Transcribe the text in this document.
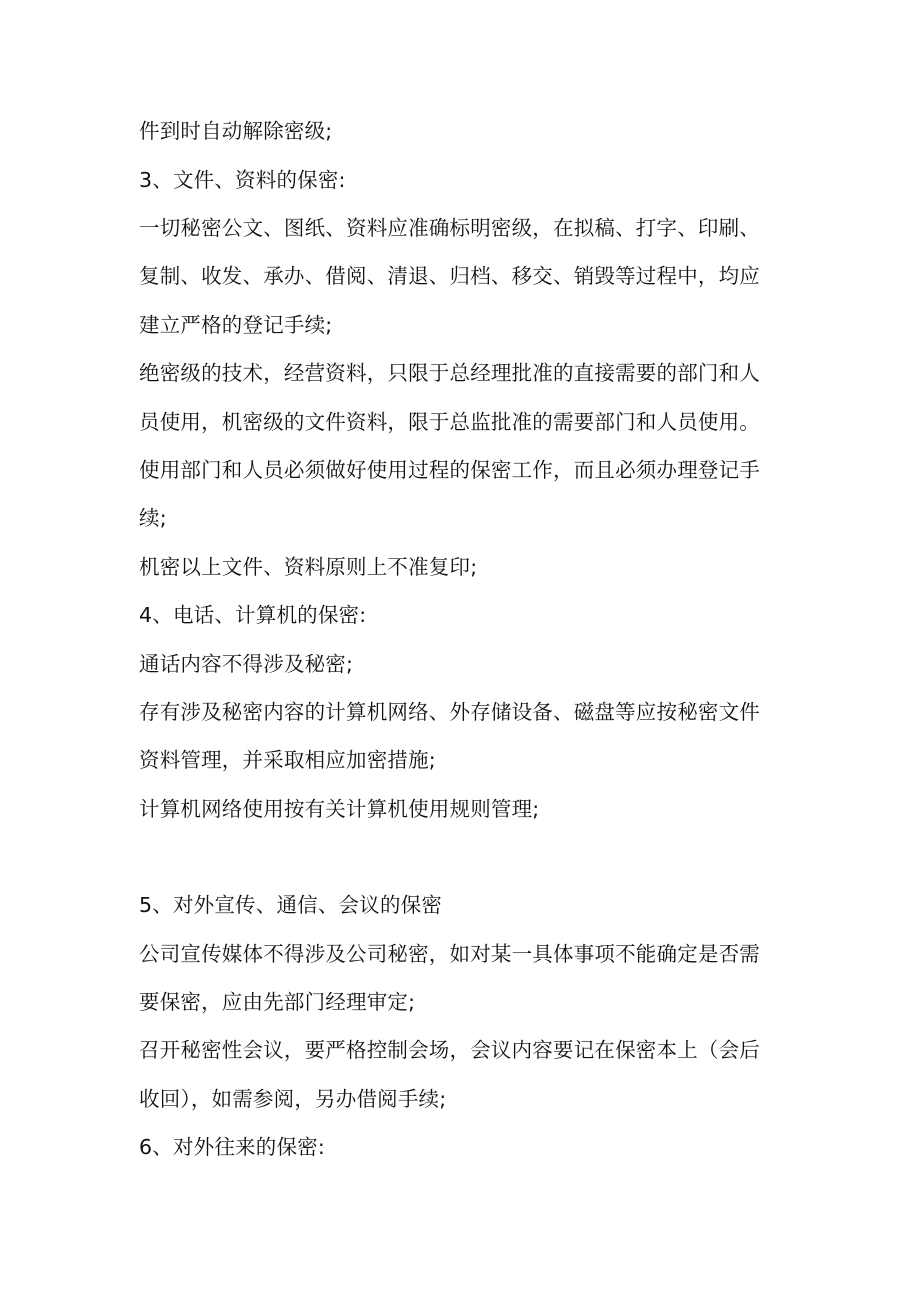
件到时自动解除密级;
3、文件、资料的保密:
一切秘密公文、图纸、资料应准确标明密级，在拟稿、打字、印刷、
复制、收发、承办、借阅、清退、归档、移交、销毁等过程中，均应
建立严格的登记手续;
绝密级的技术，经营资料，只限于总经理批准的直接需要的部门和人
员使用，机密级的文件资料，限于总监批准的需要部门和人员使用。
使用部门和人员必须做好使用过程的保密工作，而且必须办理登记手
续;
机密以上文件、资料原则上不准复印;
4、电话、计算机的保密:
通话内容不得涉及秘密;
存有涉及秘密内容的计算机网络、外存储设备、磁盘等应按秘密文件
资料管理，并采取相应加密措施;
计算机网络使用按有关计算机使用规则管理;
5、对外宣传、通信、会议的保密
公司宣传媒体不得涉及公司秘密，如对某一具体事项不能确定是否需
要保密，应由先部门经理审定;
召开秘密性会议，要严格控制会场，会议内容要记在保密本上（会后
收回），如需参阅，另办借阅手续;
6、对外往来的保密:
